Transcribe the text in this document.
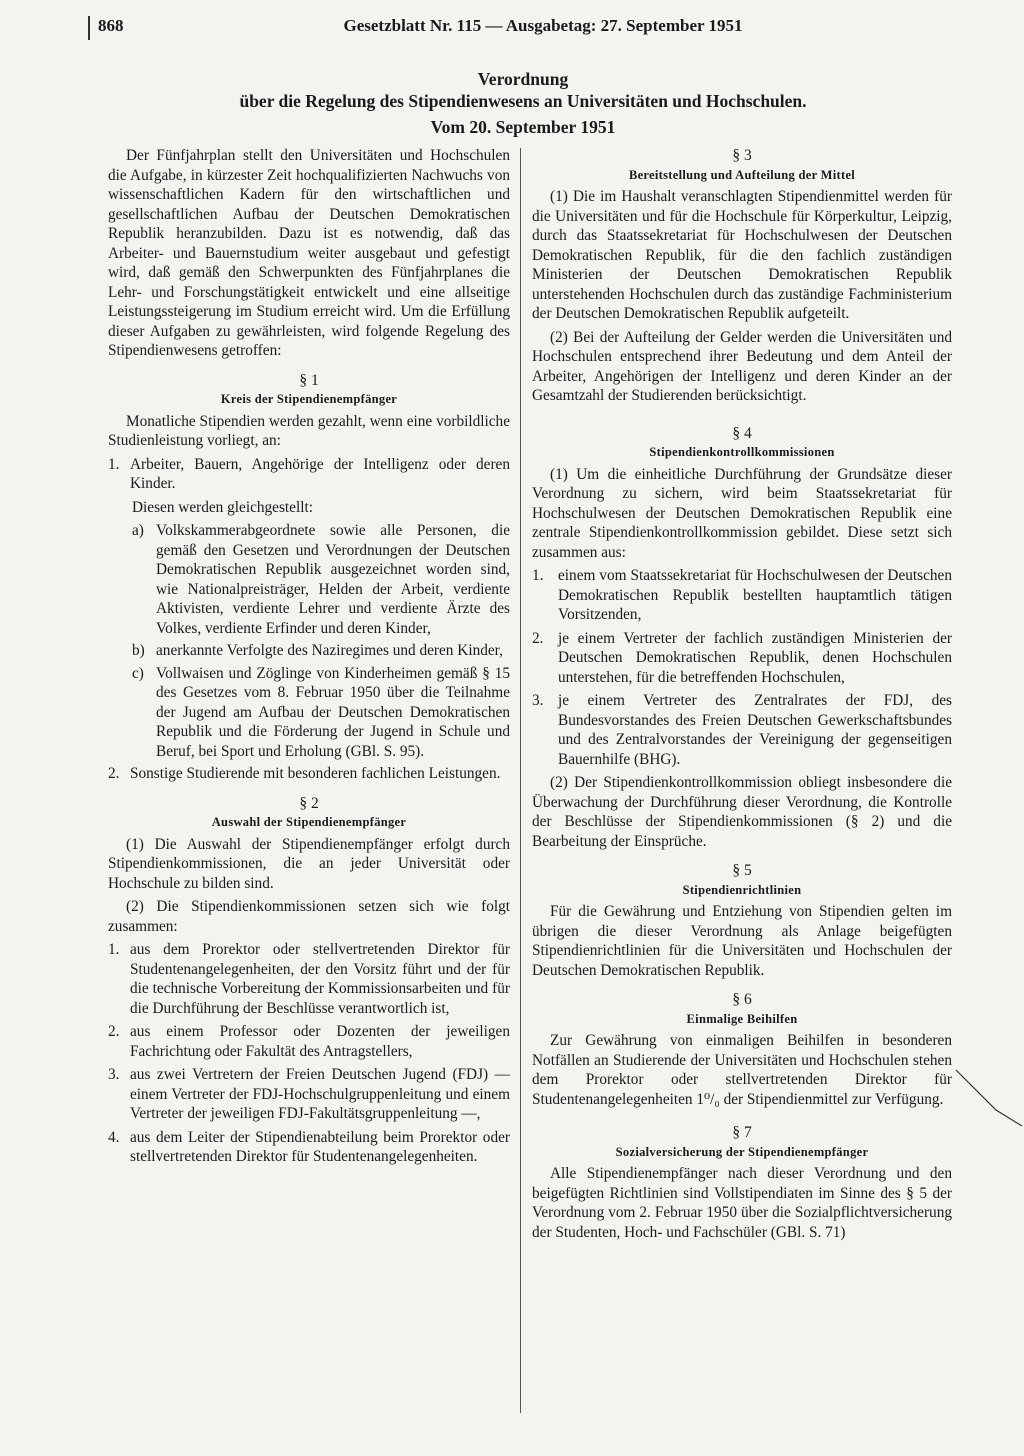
868	Gesetzblatt Nr. 115 — Ausgabetag: 27. September 1951
Verordnung
über die Regelung des Stipendienwesens an Universitäten und Hochschulen.
Vom 20. September 1951

Der Fünfjahrplan stellt den Universitäten und Hochschulen die Aufgabe, in kürzester Zeit hochqualifizierten Nachwuchs von wissenschaftlichen Kadern für den wirtschaftlichen und gesellschaftlichen Aufbau der Deutschen Demokratischen Republik heranzubilden. Dazu ist es notwendig, daß das Arbeiter- und Bauernstudium weiter ausgebaut und gefestigt wird, daß gemäß den Schwerpunkten des Fünfjahrplanes die Lehr- und Forschungstätigkeit entwickelt und eine allseitige Leistungssteigerung im Studium erreicht wird. Um die Erfüllung dieser Aufgaben zu gewährleisten, wird folgende Regelung des Stipendienwesens getroffen:

§ 1
Kreis der Stipendienempfänger

Monatliche Stipendien werden gezahlt, wenn eine vorbildliche Studienleistung vorliegt, an:

1. Arbeiter, Bauern, Angehörige der Intelligenz oder deren Kinder.

Diesen werden gleichgestellt:

a) Volkskammerabgeordnete sowie alle Personen, die gemäß den Gesetzen und Verordnungen der Deutschen Demokratischen Republik ausgezeichnet worden sind, wie Nationalpreisträger, Helden der Arbeit, verdiente Aktivisten, verdiente Lehrer und verdiente Ärzte des Volkes, verdiente Erfinder und deren Kinder,
b) anerkannte Verfolgte des Naziregimes und deren Kinder,
c) Vollwaisen und Zöglinge von Kinderheimen gemäß § 15 des Gesetzes vom 8. Februar 1950 über die Teilnahme der Jugend am Aufbau der Deutschen Demokratischen Republik und die Förderung der Jugend in Schule und Beruf, bei Sport und Erholung (GBl. S. 95).
2. Sonstige Studierende mit besonderen fachlichen Leistungen.
§ 2
Auswahl der Stipendienempfänger

(1) Die Auswahl der Stipendienempfänger erfolgt durch Stipendienkommissionen, die an jeder Universität oder Hochschule zu bilden sind.

(2) Die Stipendienkommissionen setzen sich wie folgt zusammen:

1. aus dem Prorektor oder stellvertretenden Direktor für Studentenangelegenheiten, der den Vorsitz führt und der für die technische Vorbereitung der Kommissionsarbeiten und für die Durchführung der Beschlüsse verantwortlich ist,
2. aus einem Professor oder Dozenten der jeweiligen Fachrichtung oder Fakultät des Antragstellers,
3. aus zwei Vertretern der Freien Deutschen Jugend (FDJ) — einem Vertreter der FDJ-Hochschulgruppenleitung und einem Vertreter der jeweiligen FDJ-Fakultätsgruppenleitung —,
4. aus dem Leiter der Stipendienabteilung beim Prorektor oder stellvertretenden Direktor für Studentenangelegenheiten.
§ 3
Bereitstellung und Aufteilung der Mittel

(1) Die im Haushalt veranschlagten Stipendienmittel werden für die Universitäten und für die Hochschule für Körperkultur, Leipzig, durch das Staatssekretariat für Hochschulwesen der Deutschen Demokratischen Republik, für die den fachlich zuständigen Ministerien der Deutschen Demokratischen Republik unterstehenden Hochschulen durch das zuständige Fachministerium der Deutschen Demokratischen Republik aufgeteilt.

(2) Bei der Aufteilung der Gelder werden die Universitäten und Hochschulen entsprechend ihrer Bedeutung und dem Anteil der Arbeiter, Angehörigen der Intelligenz und deren Kinder an der Gesamtzahl der Studierenden berücksichtigt.

§ 4
Stipendienkontrollkommissionen

(1) Um die einheitliche Durchführung der Grundsätze dieser Verordnung zu sichern, wird beim Staatssekretariat für Hochschulwesen der Deutschen Demokratischen Republik eine zentrale Stipendienkontrollkommission gebildet. Diese setzt sich zusammen aus:

1. einem vom Staatssekretariat für Hochschulwesen der Deutschen Demokratischen Republik bestellten hauptamtlich tätigen Vorsitzenden,
2. je einem Vertreter der fachlich zuständigen Ministerien der Deutschen Demokratischen Republik, denen Hochschulen unterstehen, für die betreffenden Hochschulen,
3. je einem Vertreter des Zentralrates der FDJ, des Bundesvorstandes des Freien Deutschen Gewerkschaftsbundes und des Zentralvorstandes der Vereinigung der gegenseitigen Bauernhilfe (BHG).

(2) Der Stipendienkontrollkommission obliegt insbesondere die Überwachung der Durchführung dieser Verordnung, die Kontrolle der Beschlüsse der Stipendienkommissionen (§ 2) und die Bearbeitung der Einsprüche.

§ 5
Stipendienrichtlinien

Für die Gewährung und Entziehung von Stipendien gelten im übrigen die dieser Verordnung als Anlage beigefügten Stipendienrichtlinien für die Universitäten und Hochschulen der Deutschen Demokratischen Republik.

§ 6
Einmalige Beihilfen

Zur Gewährung von einmaligen Beihilfen in besonderen Notfällen an Studierende der Universitäten und Hochschulen stehen dem Prorektor oder stellvertretenden Direktor für Studentenangelegenheiten 1⁰/₀ der Stipendienmittel zur Verfügung.

§ 7
Sozialversicherung der Stipendienempfänger

Alle Stipendienempfänger nach dieser Verordnung und den beigefügten Richtlinien sind Vollstipendiaten im Sinne des § 5 der Verordnung vom 2. Februar 1950 über die Sozialpflichtversicherung der Studenten, Hoch- und Fachschüler (GBl. S. 71)
